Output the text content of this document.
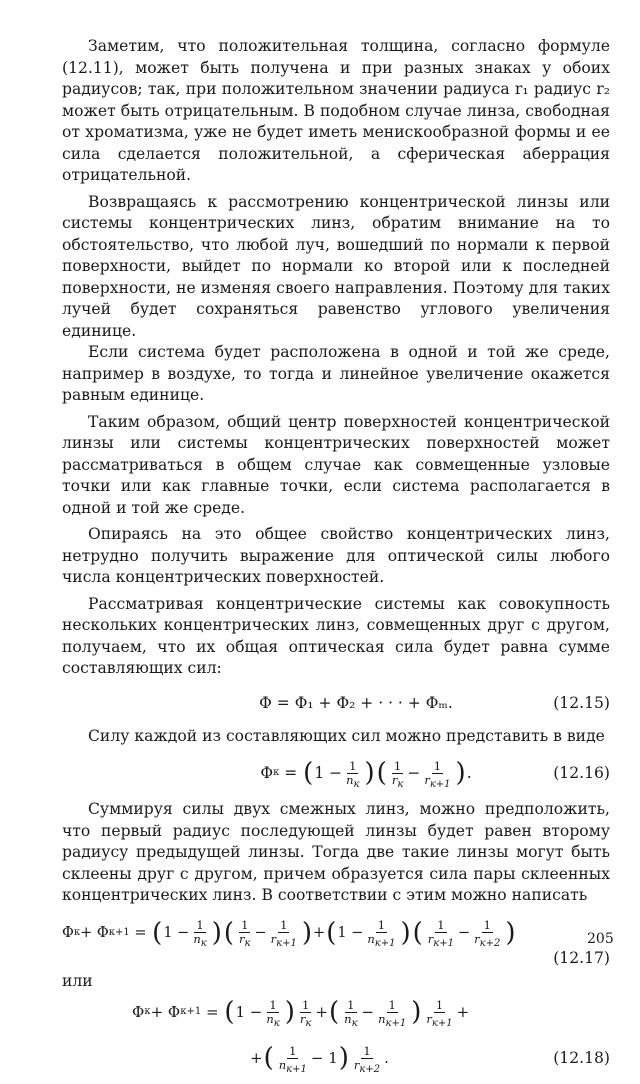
Заметим, что положительная толщина, согласно формуле (12.11), может быть получена и при разных знаках у обоих радиусов; так, при положительном значении радиуса r₁ радиус r₂ может быть отрицательным. В подобном случае линза, свободная от хроматизма, уже не будет иметь менискообразной формы и ее сила сделается положительной, а сферическая аберрация отрицательной.

Возвращаясь к рассмотрению концентрической линзы или системы концентрических линз, обратим внимание на то обстоятельство, что любой луч, вошедший по нормали к первой поверхности, выйдет по нормали ко второй или к последней поверхности, не изменяя своего направления. Поэтому для таких лучей будет сохраняться равенство углового увеличения единице.

Если система будет расположена в одной и той же среде, например в воздухе, то тогда и линейное увеличение окажется равным единице.

Таким образом, общий центр поверхностей концентрической линзы или системы концентрических поверхностей может рассматриваться в общем случае как совмещенные узловые точки или как главные точки, если система располагается в одной и той же среде.

Опираясь на это общее свойство концентрических линз, нетрудно получить выражение для оптической силы любого числа концентрических поверхностей.

Рассматривая концентрические системы как совокупность нескольких концентрических линз, совмещенных друг с другом, получаем, что их общая оптическая сила будет равна сумме составляющих сил:

Φ = Φ₁ + Φ₂ + · · · + Φₘ.	(12.15)

Силу каждой из составляющих сил можно представить в виде

Φ к = ( $1 - \frac{1}{n_к}$ ) ( $\frac{1}{r_к} - \frac{1}{r_{к+1}}$ ) .	(12.16)

Суммируя силы двух смежных линз, можно предположить, что первый радиус последующей линзы будет равен второму радиусу предыдущей линзы. Тогда две такие линзы могут быть склеены друг с другом, причем образуется сила пары склеенных концентрических линз. В соответствии с этим можно написать

Φ к + Φ к+1 = ( $1 - \frac{1}{n_к}$ ) ( $\frac{1}{r_к} - \frac{1}{r_{к+1}}$ ) + ( $1 - \frac{1}{n_{к+1}}$ ) ( $\frac{1}{r_{к+1}} - \frac{1}{r_{к+2}}$ )
(12.17)

или

Φ к + Φ к+1 = ( $1 - \frac{1}{n_к}$ ) $\frac{1}{r_к}$ + ( $\frac{1}{n_к} - \frac{1}{n_{к+1}}$ ) $\frac{1}{r_{к+1}}$ +
+ ( $\frac{1}{n_{к+1}} - 1$ ) $\frac{1}{r_{к+2}}$ .	(12.18)
205
